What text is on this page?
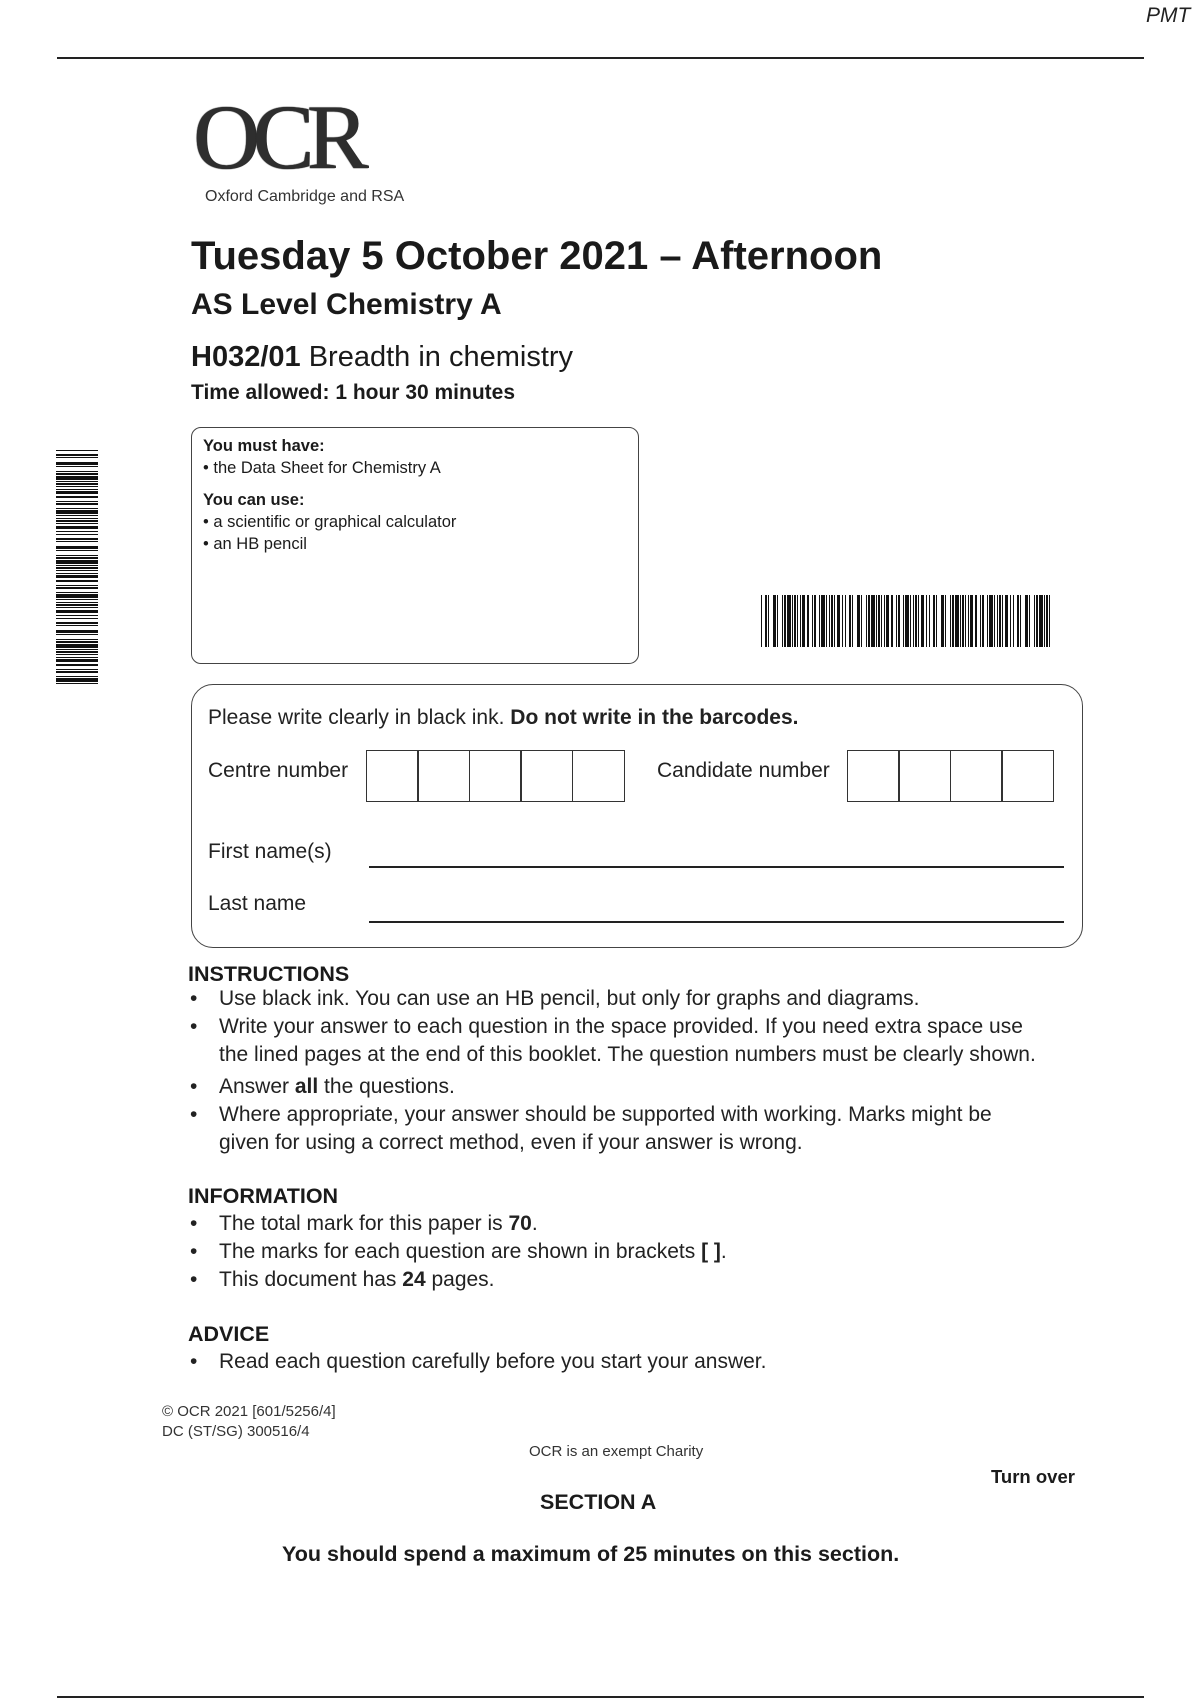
PMT
OCR
Oxford Cambridge and RSA
Tuesday 5 October 2021 – Afternoon
AS Level Chemistry A
H032/01 Breadth in chemistry
Time allowed: 1 hour 30 minutes
You must have:
• the Data Sheet for Chemistry A
You can use:
• a scientific or graphical calculator
• an HB pencil
Please write clearly in black ink. Do not write in the barcodes.
Centre number	Candidate number
First name(s)
Last name
INSTRUCTIONS
• Use black ink. You can use an HB pencil, but only for graphs and diagrams.
• Write your answer to each question in the space provided. If you need extra space use
the lined pages at the end of this booklet. The question numbers must be clearly shown.
• Answer all the questions.
• Where appropriate, your answer should be supported with working. Marks might be
given for using a correct method, even if your answer is wrong.
INFORMATION
• The total mark for this paper is 70.
• The marks for each question are shown in brackets [ ].
• This document has 24 pages.
ADVICE
• Read each question carefully before you start your answer.
© OCR 2021 [601/5256/4]
DC (ST/SG) 300516/4
OCR is an exempt Charity
Turn over
SECTION A
You should spend a maximum of 25 minutes on this section.
